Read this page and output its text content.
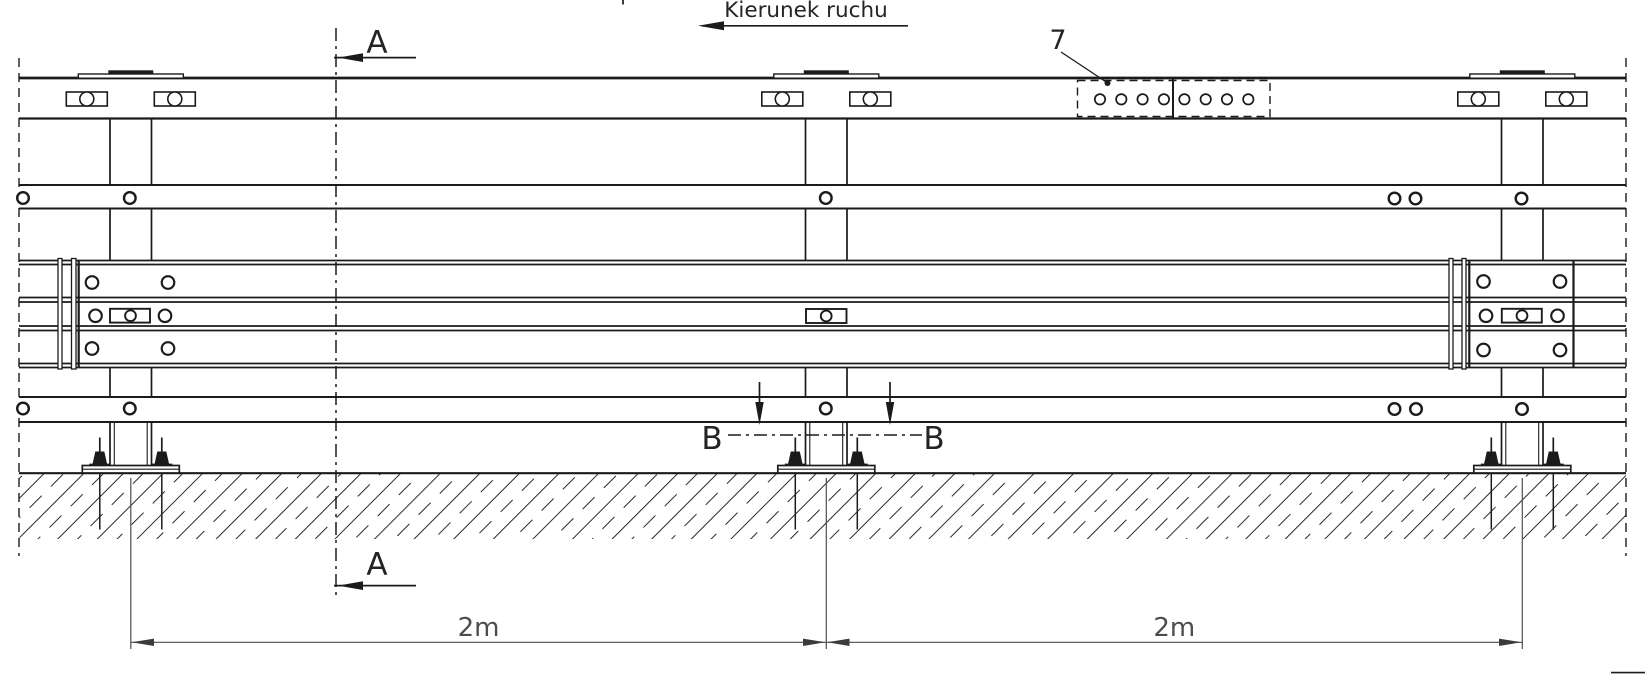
Kierunek ruchu
7
A
A
B	B
2m	2m
